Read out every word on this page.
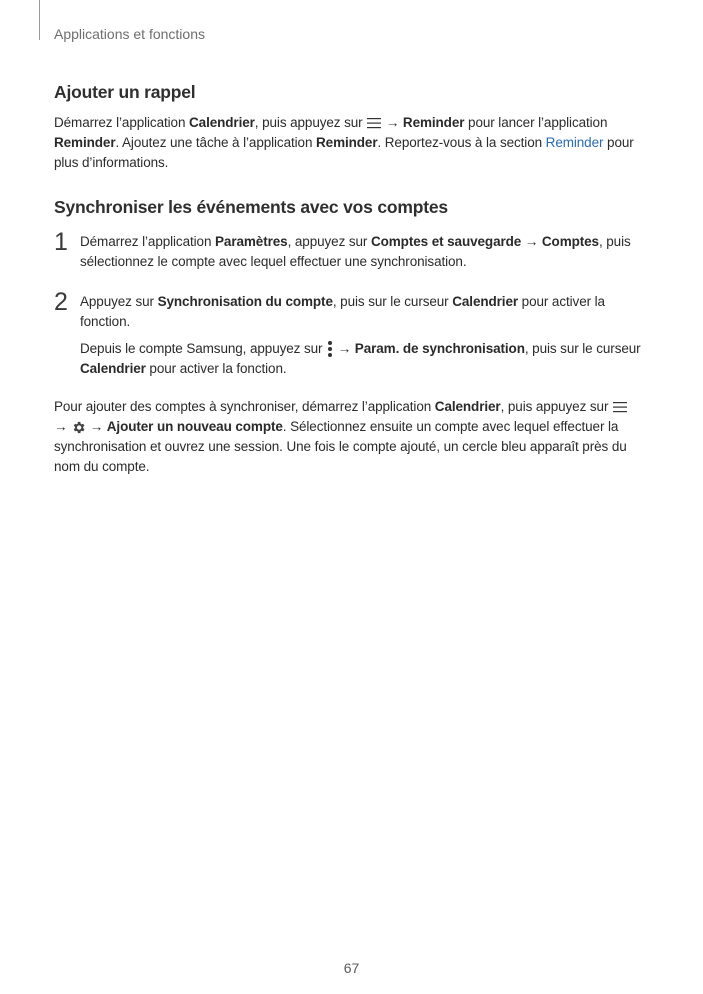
Applications et fonctions
Ajouter un rappel

Démarrez l’application Calendrier, puis appuyez sur
→ Reminder pour lancer l’application Reminder. Ajoutez une tâche à l’application Reminder. Reportez-vous à la section Reminder pour plus d’informations.

Synchroniser les événements avec vos comptes
1 Démarrez l’application Paramètres, appuyez sur Comptes et sauvegarde → Comptes, puis sélectionnez le compte avec lequel effectuer une synchronisation.

2 Appuyez sur Synchronisation du compte, puis sur le curseur Calendrier pour activer la fonction.

Depuis le compte Samsung, appuyez sur
→ Param. de synchronisation, puis sur le curseur Calendrier pour activer la fonction.

Pour ajouter des comptes à synchroniser, démarrez l’application Calendrier, puis appuyez sur
→
→ Ajouter un nouveau compte. Sélectionnez ensuite un compte avec lequel effectuer la synchronisation et ouvrez une session. Une fois le compte ajouté, un cercle bleu apparaît près du nom du compte.

67
